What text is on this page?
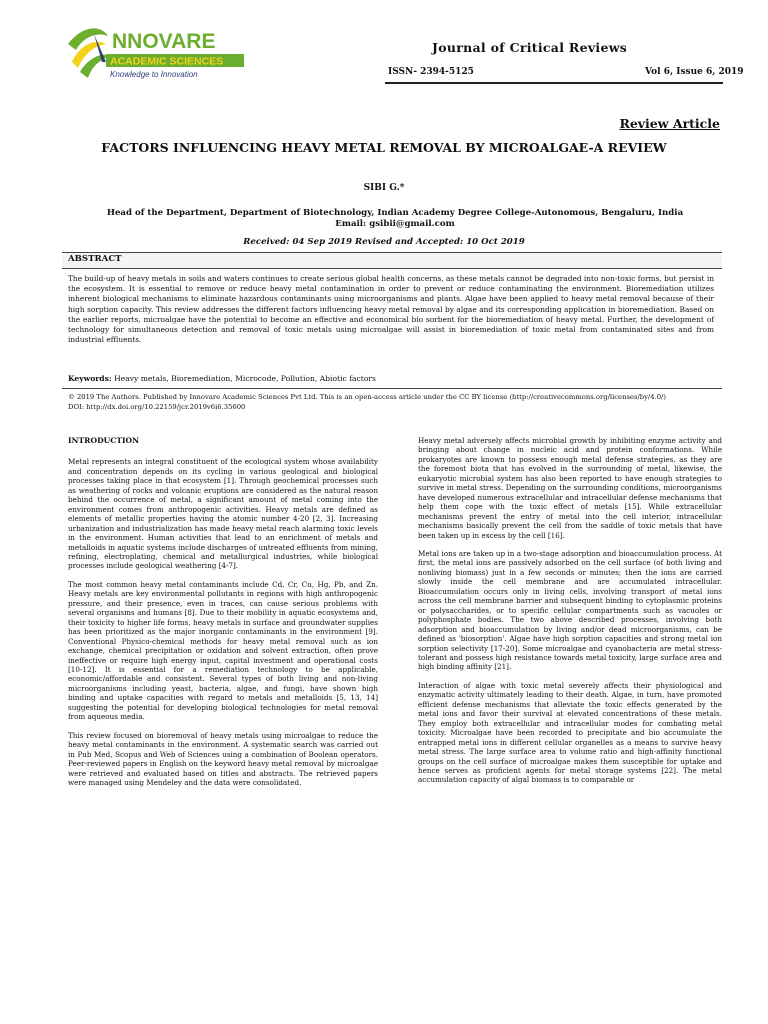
NNOVARE
ACADEMIC SCIENCES
Knowledge to Innovation
Journal of Critical Reviews
ISSN- 2394-5125	Vol 6, Issue 6, 2019
Review Article
FACTORS INFLUENCING HEAVY METAL REMOVAL BY MICROALGAE-A REVIEW
SIBI G.*
Head of the Department, Department of Biotechnology, Indian Academy Degree College-Autonomous, Bengaluru, India
Email: gsibii@gmail.com
Received: 04 Sep 2019 Revised and Accepted: 10 Oct 2019
ABSTRACT
The build-up of heavy metals in soils and waters continues to create serious global health concerns, as these metals cannot be degraded into non-toxic forms, but persist in the ecosystem. It is essential to remove or reduce heavy metal contamination in order to prevent or reduce contaminating the environment. Bioremediation utilizes inherent biological mechanisms to eliminate hazardous contaminants using microorganisms and plants. Algae have been applied to heavy metal removal because of their high sorption capacity. This review addresses the different factors influencing heavy metal removal by algae and its corresponding application in bioremediation. Based on the earlier reports, microalgae have the potential to become an effective and economical bio sorbent for the bioremediation of heavy metal. Further, the development of technology for simultaneous detection and removal of toxic metals using microalgae will assist in bioremediation of toxic metal from contaminated sites and from industrial effluents.
Keywords: Heavy metals, Bioremediation, Microcode, Pollution, Abiotic factors
© 2019 The Authors. Published by Innovare Academic Sciences Pvt Ltd. This is an open-access article under the CC BY license (http://creativecommons.org/licenses/by/4.0/)
DOI: http://dx.doi.org/10.22159/jcr.2019v6i6.35600
INTRODUCTION

Metal represents an integral constituent of the ecological system whose availability and concentration depends on its cycling in various geological and biological processes taking place in that ecosystem [1]. Through geochemical processes such as weathering of rocks and volcanic eruptions are considered as the natural reason behind the occurrence of metal, a significant amount of metal coming into the environment comes from anthropogenic activities. Heavy metals are defined as elements of metallic properties having the atomic number 4-20 [2, 3]. Increasing urbanization and industrialization has made heavy metal reach alarming toxic levels in the environment. Human activities that lead to an enrichment of metals and metalloids in aquatic systems include discharges of untreated effluents from mining, refining, electroplating, chemical and metallurgical industries, while biological processes include geological weathering [4-7].

The most common heavy metal contaminants include Cd, Cr, Cu, Hg, Pb, and Zn. Heavy metals are key environmental pollutants in regions with high anthropogenic pressure, and their presence, even in traces, can cause serious problems with several organisms and humans [8]. Due to their mobility in aquatic ecosystems and, their toxicity to higher life forms, heavy metals in surface and groundwater supplies has been prioritized as the major inorganic contaminants in the environment [9]. Conventional Physico-chemical methods for heavy metal removal such as ion exchange, chemical precipitation or oxidation and solvent extraction, often prove ineffective or require high energy input, capital investment and operational costs [10-12]. It is essential for a remediation technology to be applicable, economic/affordable and consistent. Several types of both living and non-living microorganisms including yeast, bacteria, algae, and fungi, have shown high binding and uptake capacities with regard to metals and metalloids [5, 13, 14] suggesting the potential for developing biological technologies for metal removal from aqueous media.

This review focused on bioremoval of heavy metals using microalgae to reduce the heavy metal contaminants in the environment. A systematic search was carried out in Pub Med, Scopus and Web of Sciences using a combination of Boolean operators. Peer-reviewed papers in English on the keyword heavy metal removal by microalgae were retrieved and evaluated based on titles and abstracts. The retrieved papers were managed using Mendeley and the data were consolidated.

Heavy metal adversely affects microbial growth by inhibiting enzyme activity and bringing about change in nucleic acid and protein conformations. While prokaryotes are known to possess enough metal defense strategies, as they are the foremost biota that has evolved in the surrounding of metal, likewise, the eukaryotic microbial system has also been reported to have enough strategies to survive in metal stress. Depending on the surrounding conditions, microorganisms have developed numerous extracellular and intracellular defense mechanisms that help them cope with the toxic effect of metals [15]. While extracellular mechanisms prevent the entry of metal into the cell interior, intracellular mechanisms basically prevent the cell from the saddle of toxic metals that have been taken up in excess by the cell [16].

Metal ions are taken up in a two-stage adsorption and bioaccumulation process. At first, the metal ions are passively adsorbed on the cell surface (of both living and nonliving biomass) just in a few seconds or minutes; then the ions are carried slowly inside the cell membrane and are accumulated intracellular. Bioaccumulation occurs only in living cells, involving transport of metal ions across the cell membrane barrier and subsequent binding to cytoplasmic proteins or polysaccharides, or to specific cellular compartments such as vacuoles or polyphosphate bodies. The two above described processes, involving both adsorption and bioaccumulation by living and/or dead microorganisms, can be defined as 'biosorption'. Algae have high sorption capacities and strong metal ion sorption selectivity [17-20]. Some microalgae and cyanobacteria are metal stress-tolerant and possess high resistance towards metal toxicity, large surface area and high binding affinity [21].

Interaction of algae with toxic metal severely affects their physiological and enzymatic activity ultimately leading to their death. Algae, in turn, have promoted efficient defense mechanisms that alleviate the toxic effects generated by the metal ions and favor their survival at elevated concentrations of these metals. They employ both extracellular and intracellular modes for combating metal toxicity. Microalgae have been recorded to precipitate and bio accumulate the entrapped metal ions in different cellular organelles as a means to survive heavy metal stress. The large surface area to volume ratio and high-affinity functional groups on the cell surface of microalgae makes them susceptible for uptake and hence serves as proficient agents for metal storage systems [22]. The metal accumulation capacity of algal biomass is to comparable or
